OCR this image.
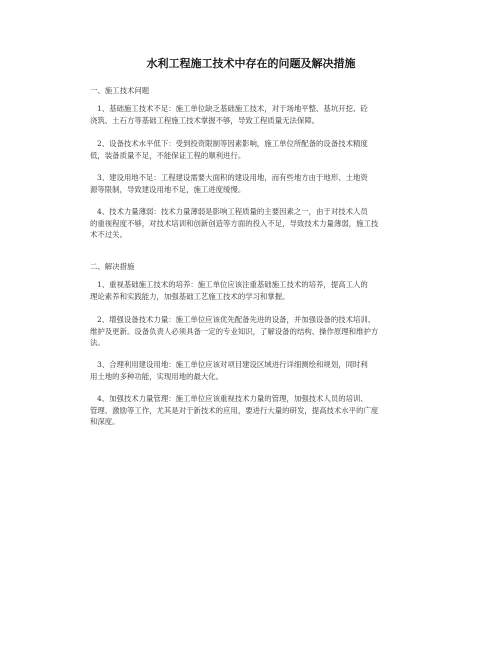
水利工程施工技术中存在的问题及解决措施
一、施工技术问题
1、基础施工技术不足：施工单位缺乏基础施工技术，对于场地平整、基坑开挖、砼
浇筑、土石方等基础工程施工技术掌握不够，导致工程质量无法保障。
2、设备技术水平低下：受到投资限制等因素影响，施工单位所配备的设备技术精度
低，装备质量不足，不能保证工程的顺利进行。
3、建设用地不足：工程建设需要大面积的建设用地，而有些地方由于地形、土地资
源等限制，导致建设用地不足，施工进度缓慢。
4、技术力量薄弱：技术力量薄弱是影响工程质量的主要因素之一，由于对技术人员
的重视程度不够，对技术培训和创新创造等方面的投入不足，导致技术力量薄弱，施工技
术不过关。
二、解决措施
1、重视基础施工技术的培养：施工单位应该注重基础施工技术的培养，提高工人的
理论素养和实践能力，加强基础工艺施工技术的学习和掌握。
2、增强设备技术力量：施工单位应该优先配备先进的设备，并加强设备的技术培训、
维护及更新。设备负责人必须具备一定的专业知识，了解设备的结构、操作原理和维护方
法。
3、合理利用建设用地：施工单位应该对项目建设区域进行详细测绘和规划，同时利
用土地的多种功能，实现用地的最大化。
4、加强技术力量管理：施工单位应该重视技术力量的管理，加强技术人员的培训、
管理、激励等工作，尤其是对于新技术的应用，要进行大量的研发，提高技术水平的广度
和深度。
